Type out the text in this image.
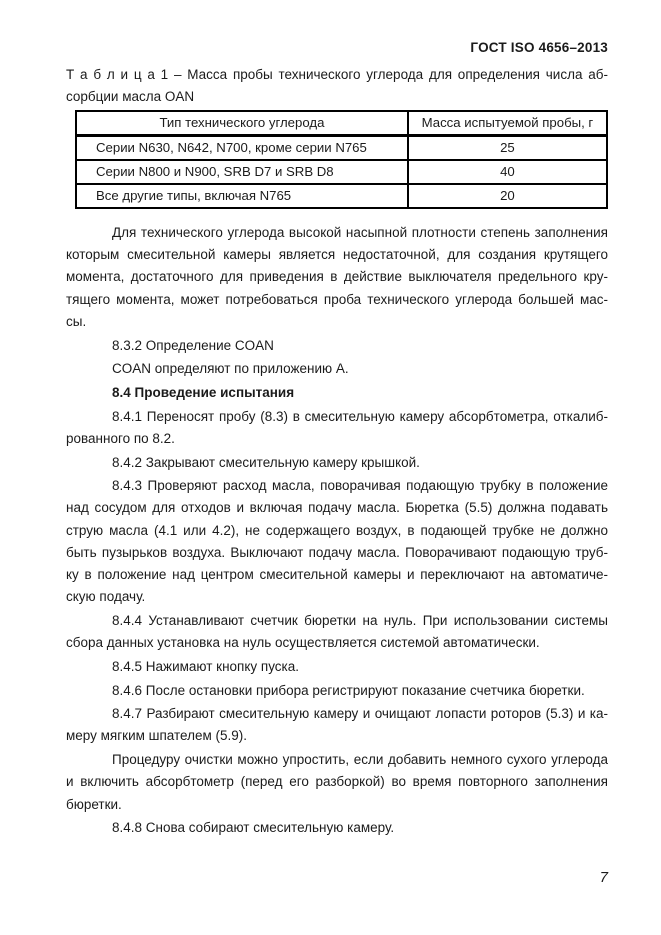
ГОСТ ISO 4656–2013
Т а б л и ц а 1 – Масса пробы технического углерода для определения числа аб-
сорбции масла OAN
Тип технического углерода	Масса испытуемой пробы, г
Серии N630, N642, N700, кроме серии N765	25
Серии N800 и N900, SRB D7 и SRB D8	40
Все другие типы, включая N765	20
Для технического углерода высокой насыпной плотности степень заполнения
которым смесительной камеры является недостаточной, для создания крутящего
момента, достаточного для приведения в действие выключателя предельного кру-
тящего момента, может потребоваться проба технического углерода большей мас-
сы.
8.3.2 Определение COAN
COAN определяют по приложению А.
8.4 Проведение испытания
8.4.1 Переносят пробу (8.3) в смесительную камеру абсорбтометра, откалиб-
рованного по 8.2.
8.4.2 Закрывают смесительную камеру крышкой.
8.4.3 Проверяют расход масла, поворачивая подающую трубку в положение
над сосудом для отходов и включая подачу масла. Бюретка (5.5) должна подавать
струю масла (4.1 или 4.2), не содержащего воздух, в подающей трубке не должно
быть пузырьков воздуха. Выключают подачу масла. Поворачивают подающую труб-
ку в положение над центром смесительной камеры и переключают на автоматиче-
скую подачу.
8.4.4 Устанавливают счетчик бюретки на нуль. При использовании системы
сбора данных установка на нуль осуществляется системой автоматически.
8.4.5 Нажимают кнопку пуска.
8.4.6 После остановки прибора регистрируют показание счетчика бюретки.
8.4.7 Разбирают смесительную камеру и очищают лопасти роторов (5.3) и ка-
меру мягким шпателем (5.9).
Процедуру очистки можно упростить, если добавить немного сухого углерода
и включить абсорбтометр (перед его разборкой) во время повторного заполнения
бюретки.
8.4.8 Снова собирают смесительную камеру.
7
